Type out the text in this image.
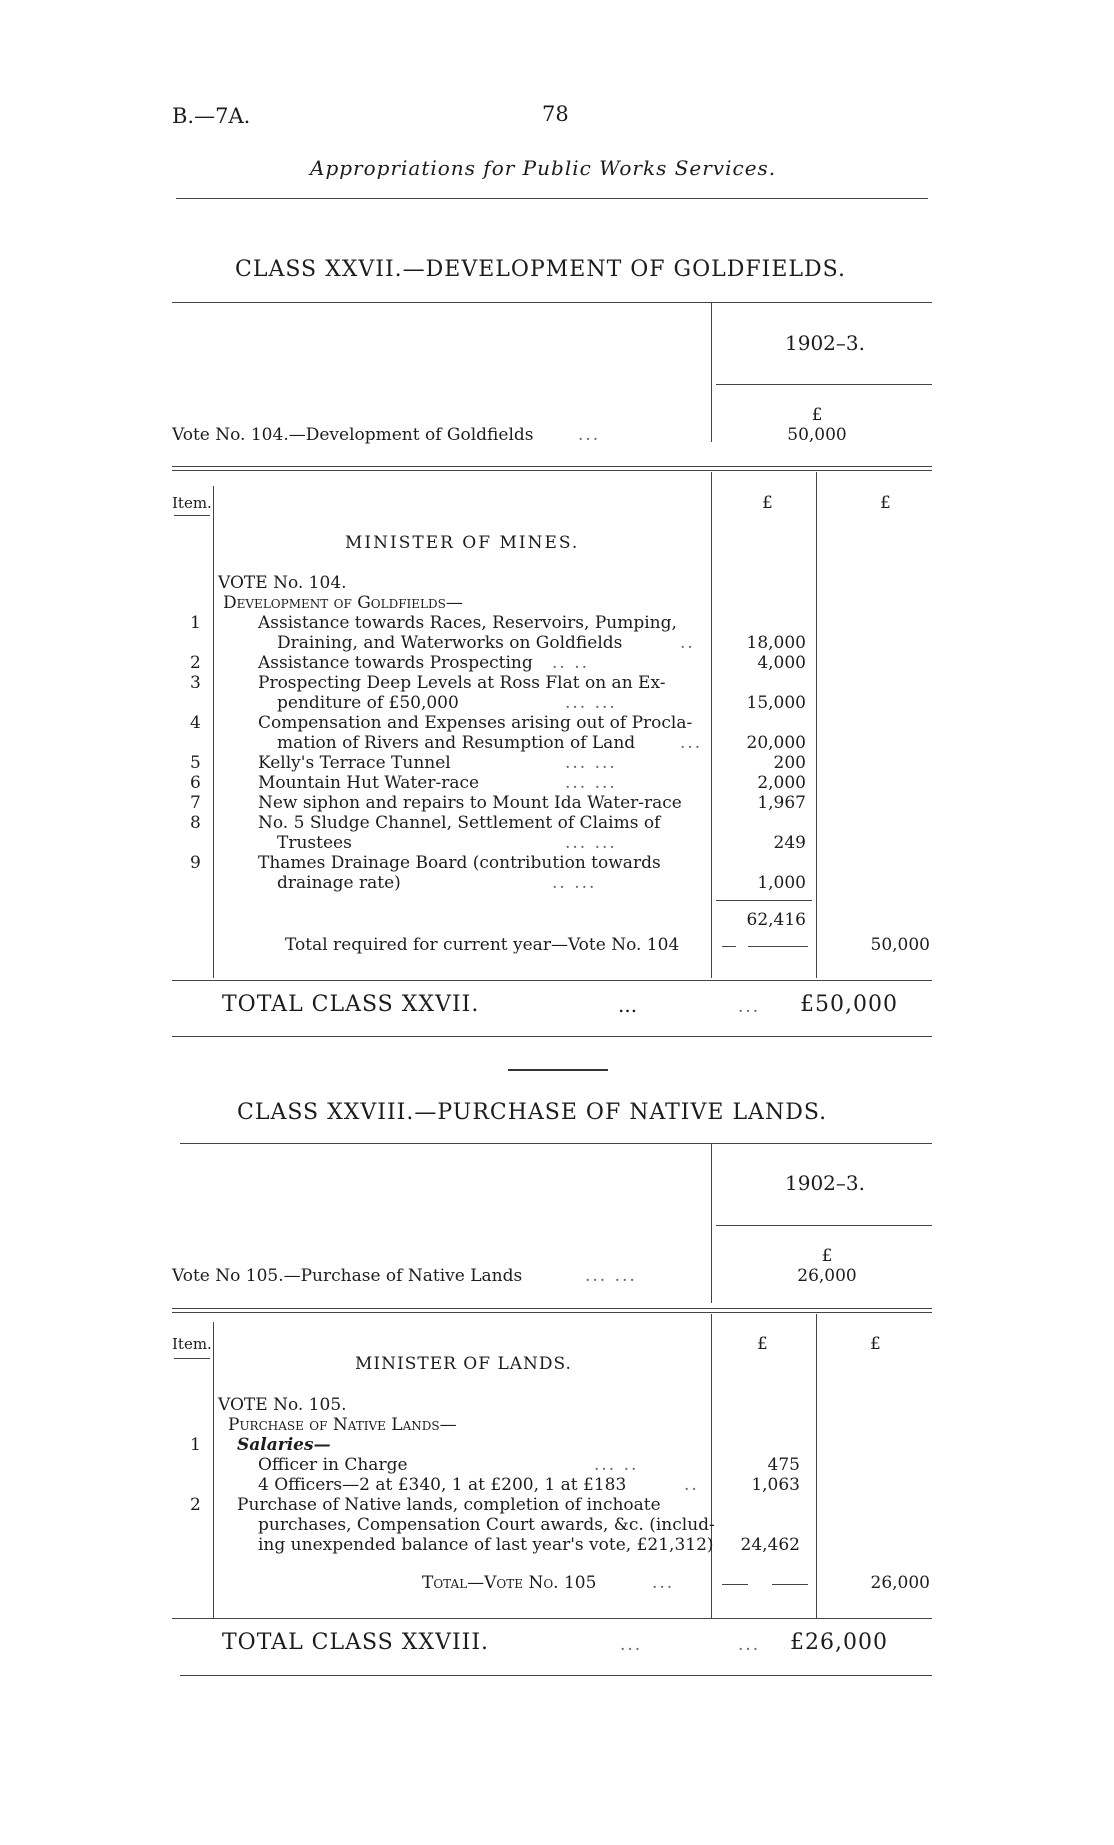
B.—7A.	78
Appropriations for Public Works Services.
CLASS XXVII.—DEVELOPMENT OF GOLDFIELDS.
1902–3.
Vote No. 104.—Development of Goldfields	...
£
50,000
Item.	£	£
MINISTER OF MINES.
VOTE No. 104.
Development of Goldfields—
1	Assistance towards Races, Reservoirs, Pumping,
Draining, and Waterworks on Goldfields	..	18,000
2	Assistance towards Prospecting .. ..	4,000
3	Prospecting Deep Levels at Ross Flat on an Ex-
penditure of £50,000	... ...	15,000
4	Compensation and Expenses arising out of Procla-
mation of Rivers and Resumption of Land	...	20,000
5	Kelly's Terrace Tunnel	... ...	200
6	Mountain Hut Water-race	... ...	2,000
7	New siphon and repairs to Mount Ida Water-race	1,967
8	No. 5 Sludge Channel, Settlement of Claims of
Trustees	... ...	249
9	Thames Drainage Board (contribution towards
drainage rate)	.. ...	1,000
62,416
Total required for current year—Vote No. 104	50,000
TOTAL CLASS XXVII.	...	... £50,000
CLASS XXVIII.—PURCHASE OF NATIVE LANDS.
1902–3.
Vote No 105.—Purchase of Native Lands	... ...
£
26,000
Item.	£	£
MINISTER OF LANDS.
VOTE No. 105.
Purchase of Native Lands—
1 Salaries—
Officer in Charge	... ..	475
4 Officers—2 at £340, 1 at £200, 1 at £183	..	1,063
2 Purchase of Native lands, completion of inchoate
purchases, Compensation Court awards, &c. (includ-
ing unexpended balance of last year's vote, £21,312)	24,462
Total—Vote No. 105	...	26,000
TOTAL CLASS XXVIII.	...	... £26,000
